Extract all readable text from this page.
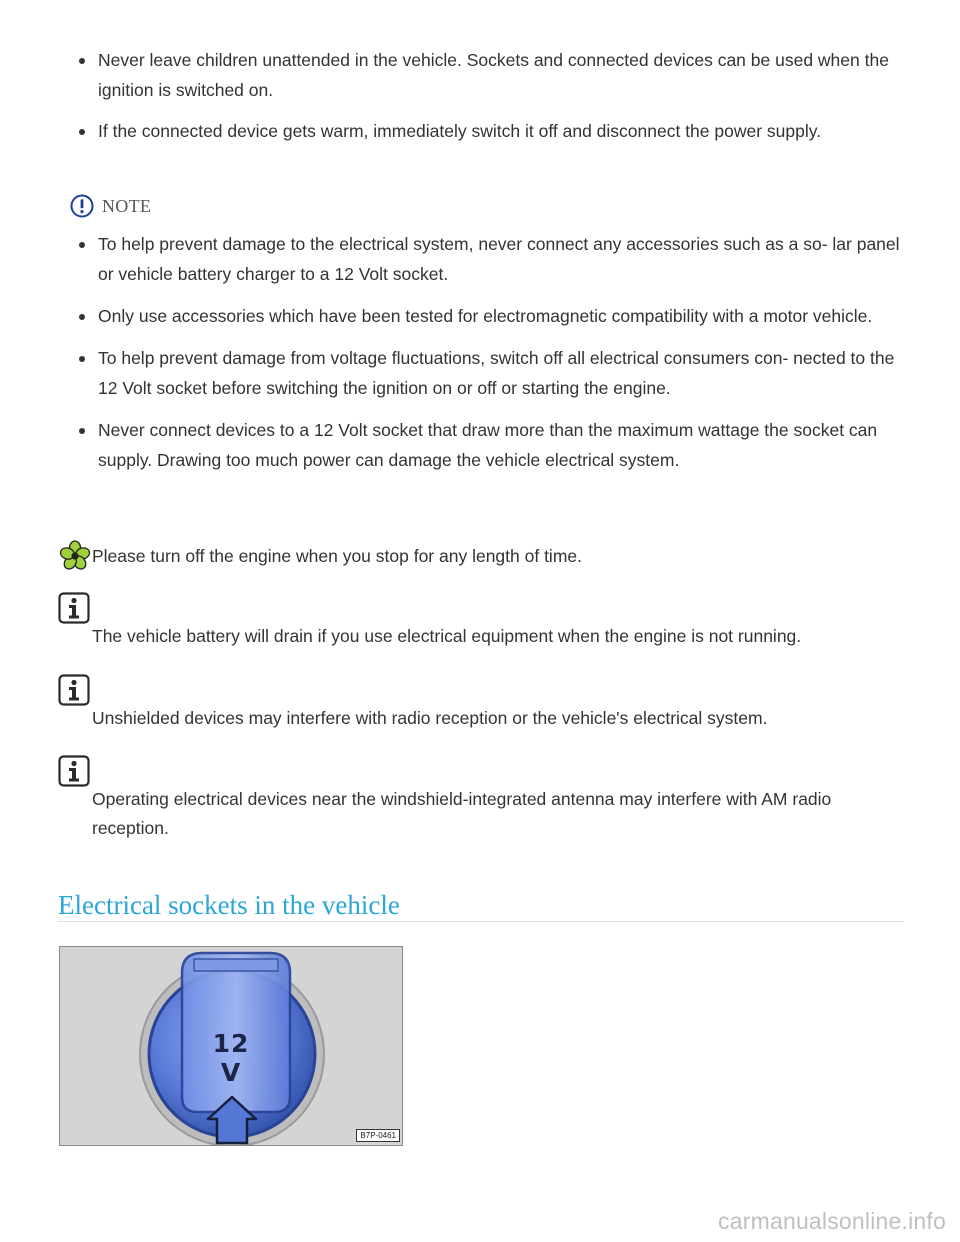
Never leave children unattended in the vehicle. Sockets and connected devices can be used when the ignition is switched on.
If the connected device gets warm, immediately switch it off and disconnect the power supply.
NOTE
To help prevent damage to the electrical system, never connect any accessories such as a so- lar panel or vehicle battery charger to a 12 Volt socket.
Only use accessories which have been tested for electromagnetic compatibility with a motor vehicle.
To help prevent damage from voltage fluctuations, switch off all electrical consumers con- nected to the 12 Volt socket before switching the ignition on or off or starting the engine.
Never connect devices to a 12 Volt socket that draw more than the maximum wattage the socket can supply. Drawing too much power can damage the vehicle electrical system.
Please turn off the engine when you stop for any length of time.
The vehicle battery will drain if you use electrical equipment when the engine is not running.
Unshielded devices may interfere with radio reception or the vehicle's electrical system.
Operating electrical devices near the windshield-integrated antenna may interfere with AM radio reception.
Electrical sockets in the vehicle
12 V
B7P-0461
carmanualsonline.info
